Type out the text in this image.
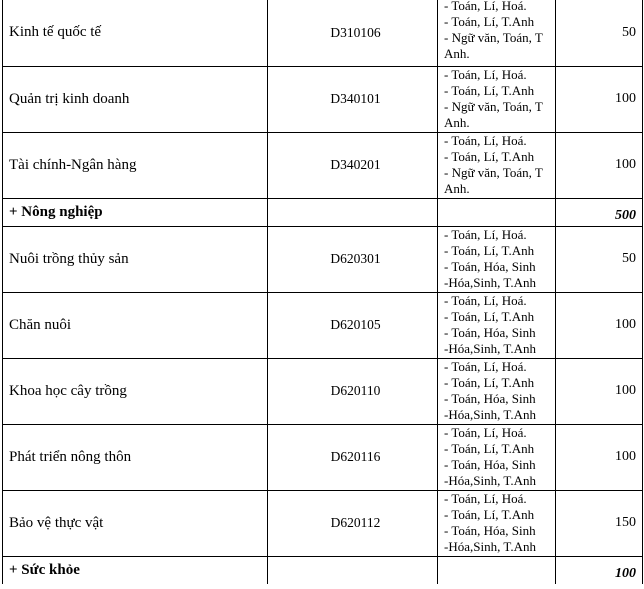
Kinh tế quốc tế	D310106	- Toán, Lí, Hoá.
- Toán, Lí, T.Anh
- Ngữ văn, Toán, T
Anh.	50
Quản trị kinh doanh	D340101	- Toán, Lí, Hoá.
- Toán, Lí, T.Anh
- Ngữ văn, Toán, T
Anh.	100
Tài chính-Ngân hàng	D340201	- Toán, Lí, Hoá.
- Toán, Lí, T.Anh
- Ngữ văn, Toán, T
Anh.	100
+ Nông nghiệp			500
Nuôi trồng thủy sản	D620301	- Toán, Lí, Hoá.
- Toán, Lí, T.Anh
- Toán, Hóa, Sinh
-Hóa,Sinh, T.Anh	50
Chăn nuôi	D620105	- Toán, Lí, Hoá.
- Toán, Lí, T.Anh
- Toán, Hóa, Sinh
-Hóa,Sinh, T.Anh	100
Khoa học cây trồng	D620110	- Toán, Lí, Hoá.
- Toán, Lí, T.Anh
- Toán, Hóa, Sinh
-Hóa,Sinh, T.Anh	100
Phát triển nông thôn	D620116	- Toán, Lí, Hoá.
- Toán, Lí, T.Anh
- Toán, Hóa, Sinh
-Hóa,Sinh, T.Anh	100
Bảo vệ thực vật	D620112	- Toán, Lí, Hoá.
- Toán, Lí, T.Anh
- Toán, Hóa, Sinh
-Hóa,Sinh, T.Anh	150
+ Sức khỏe			100
